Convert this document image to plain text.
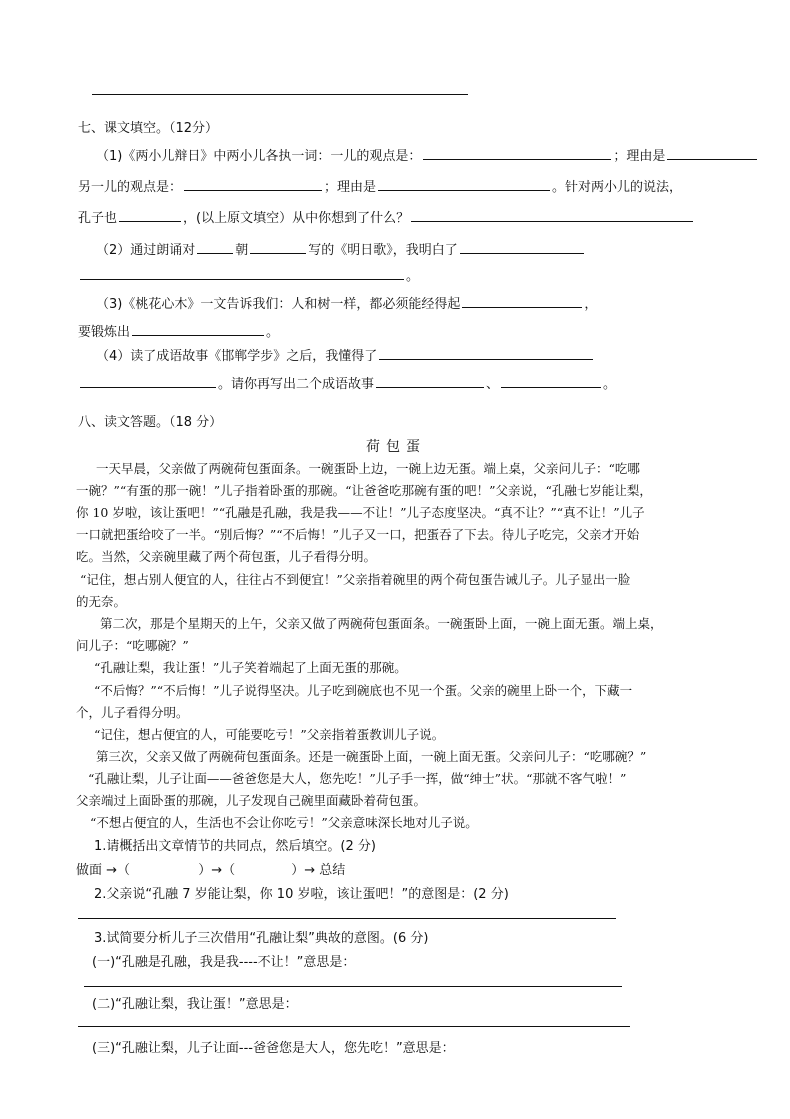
七、课文填空。（12分）
（1)《两小儿辩日》中两小儿各执一词：一儿的观点是：	；理由是
另一儿的观点是：	；理由是	。针对两小儿的说法，
孔子也	，(以上原文填空）从中你想到了什么？
（2）通过朗诵对	朝	写的《明日歌》，我明白了
。
（3)《桃花心木》一文告诉我们：人和树一样，都必须能经得起	，
要锻炼出	。
（4）读了成语故事《邯郸学步》之后，我懂得了
。请你再写出二个成语故事	、	。
八、读文答题。（18 分）
荷包蛋
一天早晨，父亲做了两碗荷包蛋面条。一碗蛋卧上边，一碗上边无蛋。端上桌，父亲问儿子：“吃哪
一碗？”“有蛋的那一碗！”儿子指着卧蛋的那碗。“让爸爸吃那碗有蛋的吧！”父亲说，“孔融七岁能让梨，
你 10 岁啦，该让蛋吧！”“孔融是孔融，我是我——不让！”儿子态度坚决。“真不让？”“真不让！”儿子
一口就把蛋给咬了一半。“别后悔？”“不后悔！”儿子又一口，把蛋吞了下去。待儿子吃完，父亲才开始
吃。当然，父亲碗里藏了两个荷包蛋，儿子看得分明。
“记住，想占别人便宜的人，往往占不到便宜！”父亲指着碗里的两个荷包蛋告诫儿子。儿子显出一脸
的无奈。
第二次，那是个星期天的上午，父亲又做了两碗荷包蛋面条。一碗蛋卧上面，一碗上面无蛋。端上桌，
问儿子：“吃哪碗？”
“孔融让梨，我让蛋！”儿子笑着端起了上面无蛋的那碗。
“不后悔？”“不后悔！”儿子说得坚决。儿子吃到碗底也不见一个蛋。父亲的碗里上卧一个，下藏一
个，儿子看得分明。
“记住，想占便宜的人，可能要吃亏！”父亲指着蛋教训儿子说。
第三次，父亲又做了两碗荷包蛋面条。还是一碗蛋卧上面，一碗上面无蛋。父亲问儿子：“吃哪碗？”
“孔融让梨，儿子让面——爸爸您是大人，您先吃！”儿子手一挥，做“绅士”状。“那就不客气啦！”
父亲端过上面卧蛋的那碗，儿子发现自己碗里面藏卧着荷包蛋。
“不想占便宜的人，生活也不会让你吃亏！”父亲意味深长地对儿子说。
1.请概括出文章情节的共同点，然后填空。(2 分)
做面 →（	）→（	）→ 总结
2.父亲说“孔融 7 岁能让梨，你 10 岁啦，该让蛋吧！”的意图是：(2 分)
3.试简要分析儿子三次借用“孔融让梨”典故的意图。(6 分)
(一)“孔融是孔融，我是我----不让！”意思是：
(二)“孔融让梨，我让蛋！”意思是：
(三)“孔融让梨，儿子让面---爸爸您是大人，您先吃！”意思是：
